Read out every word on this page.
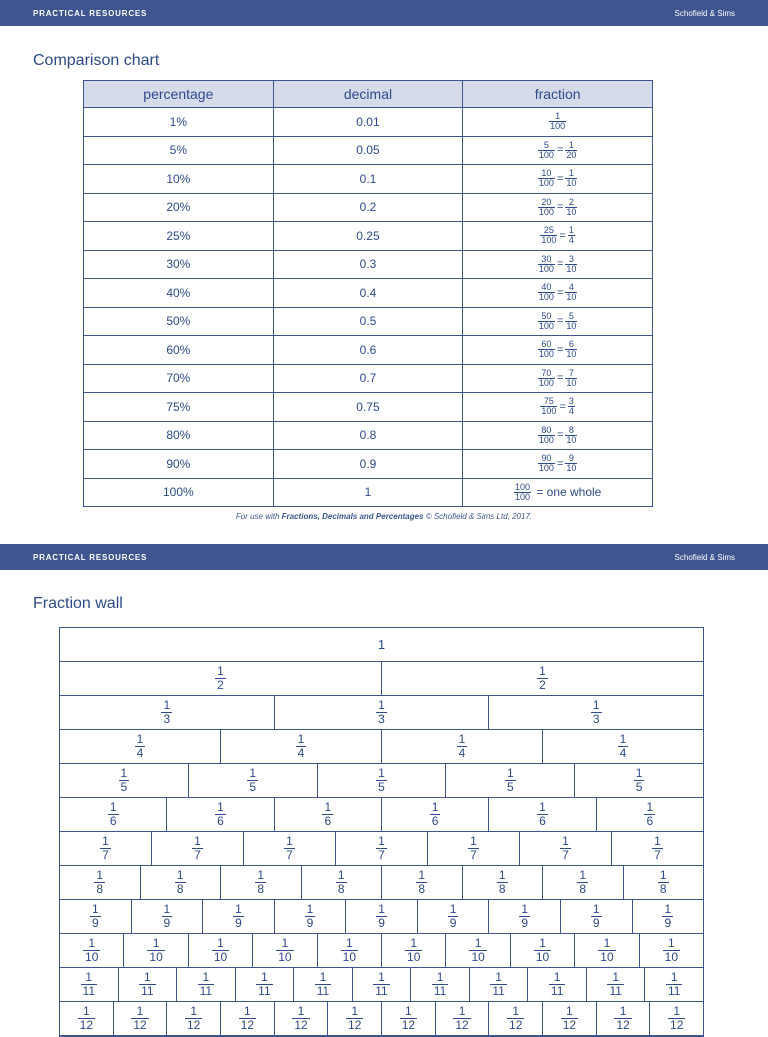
PRACTICAL RESOURCES	Schofield & Sims
Comparison chart
percentage	decimal	fraction
1%	0.01	$\frac{1}{100}$

5%	0.05	$\frac{5}{100} = \frac{1}{20}$

10%	0.1	$\frac{10}{100} = \frac{1}{10}$

20%	0.2	$\frac{20}{100} = \frac{2}{10}$

25%	0.25	$\frac{25}{100} = \frac{1}{4}$

30%	0.3	$\frac{30}{100} = \frac{3}{10}$

40%	0.4	$\frac{40}{100} = \frac{4}{10}$

50%	0.5	$\frac{50}{100} = \frac{5}{10}$

60%	0.6	$\frac{60}{100} = \frac{6}{10}$

70%	0.7	$\frac{70}{100} = \frac{7}{10}$

75%	0.75	$\frac{75}{100} = \frac{3}{4}$

80%	0.8	$\frac{80}{100} = \frac{8}{10}$

90%	0.9	$\frac{90}{100} = \frac{9}{10}$

100%	1	$\frac{100}{100}$ = one whole
For use with Fractions, Decimals and Percentages © Schofield & Sims Ltd, 2017.
PRACTICAL RESOURCES	Schofield & Sims
Fraction wall
1
$\frac{1}{2}$	$\frac{1}{2}$
$\frac{1}{3}$	$\frac{1}{3}$	$\frac{1}{3}$
$\frac{1}{4}$	$\frac{1}{4}$	$\frac{1}{4}$	$\frac{1}{4}$
$\frac{1}{5}$	$\frac{1}{5}$	$\frac{1}{5}$	$\frac{1}{5}$	$\frac{1}{5}$
$\frac{1}{6}$	$\frac{1}{6}$	$\frac{1}{6}$	$\frac{1}{6}$	$\frac{1}{6}$	$\frac{1}{6}$
$\frac{1}{7}$	$\frac{1}{7}$	$\frac{1}{7}$	$\frac{1}{7}$	$\frac{1}{7}$	$\frac{1}{7}$	$\frac{1}{7}$
$\frac{1}{8}$	$\frac{1}{8}$	$\frac{1}{8}$	$\frac{1}{8}$	$\frac{1}{8}$	$\frac{1}{8}$	$\frac{1}{8}$	$\frac{1}{8}$
$\frac{1}{9}$	$\frac{1}{9}$	$\frac{1}{9}$	$\frac{1}{9}$	$\frac{1}{9}$	$\frac{1}{9}$	$\frac{1}{9}$	$\frac{1}{9}$	$\frac{1}{9}$
$\frac{1}{10}$	$\frac{1}{10}$	$\frac{1}{10}$	$\frac{1}{10}$	$\frac{1}{10}$	$\frac{1}{10}$	$\frac{1}{10}$	$\frac{1}{10}$	$\frac{1}{10}$	$\frac{1}{10}$
$\frac{1}{11}$	$\frac{1}{11}$	$\frac{1}{11}$	$\frac{1}{11}$	$\frac{1}{11}$	$\frac{1}{11}$	$\frac{1}{11}$	$\frac{1}{11}$	$\frac{1}{11}$	$\frac{1}{11}$	$\frac{1}{11}$
$\frac{1}{12}$	$\frac{1}{12}$	$\frac{1}{12}$	$\frac{1}{12}$	$\frac{1}{12}$	$\frac{1}{12}$	$\frac{1}{12}$	$\frac{1}{12}$	$\frac{1}{12}$	$\frac{1}{12}$	$\frac{1}{12}$	$\frac{1}{12}$
